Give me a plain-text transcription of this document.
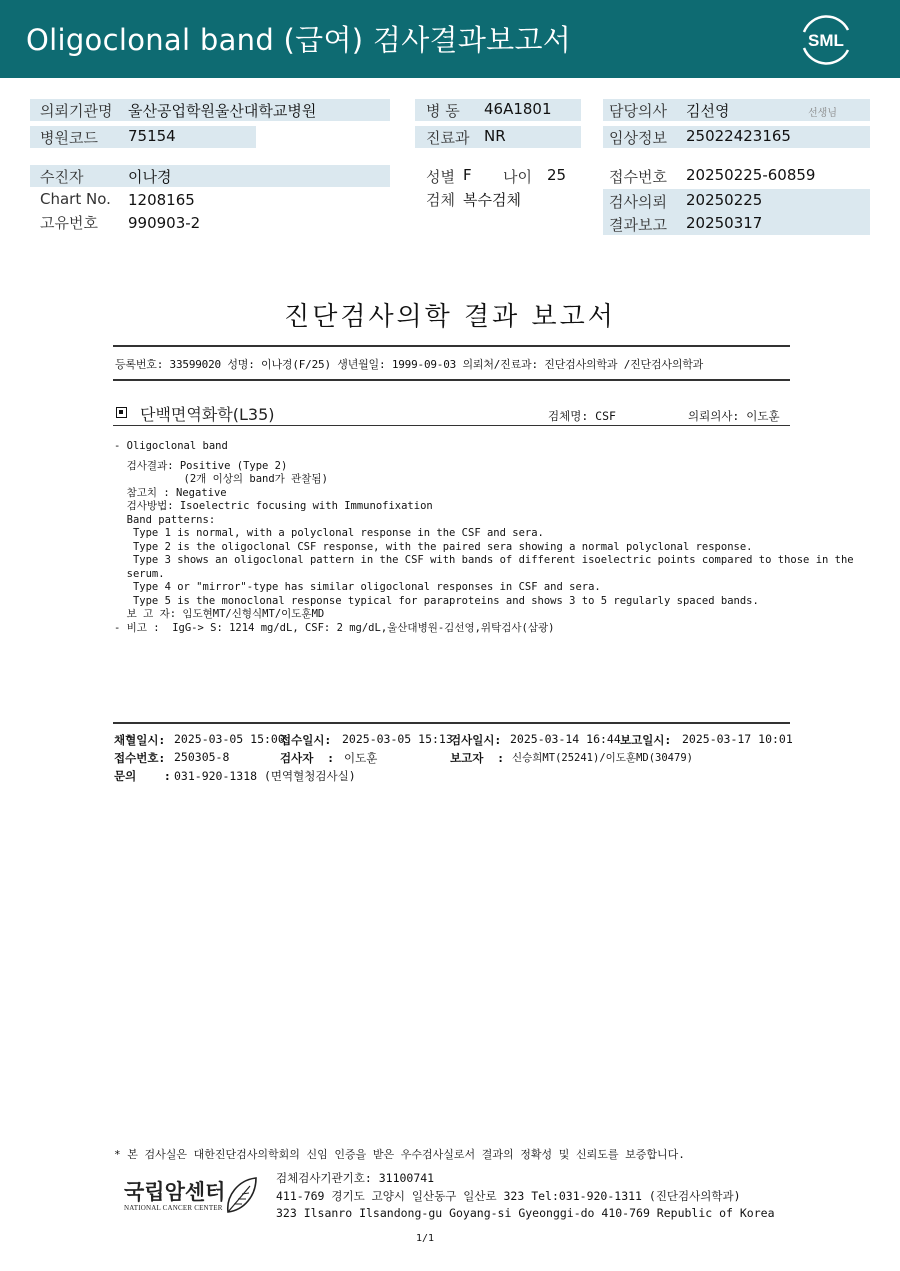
Oligoclonal band (급여) 검사결과보고서	SML
의뢰기관명 울산공업학원울산대학교병원
병원코드 75154
병 동 46A1801
진료과 NR
담당의사 김선영	선생님
임상정보 25022423165
수진자	이나경
Chart No. 1208165
고유번호 990903-2
성별 F 나이 25
검체 복수검체
접수번호 20250225-60859
검사의뢰 20250225
결과보고 20250317
진단검사의학 결과 보고서
등록번호: 33599020 성명: 이나경(F/25) 생년월일: 1999-09-03 의뢰처/진료과: 진단검사의학과 /진단검사의학과
단백면역화학(L35)	검체명: CSF	의뢰의사: 이도훈
- Oligoclonal band
검사결과: Positive (Type 2)
(2개 이상의 band가 관찰됨)
참고치 : Negative
검사방법: Isoelectric focusing with Immunofixation
Band patterns:
Type 1 is normal, with a polyclonal response in the CSF and sera.
Type 2 is the oligoclonal CSF response, with the paired sera showing a normal polyclonal response.
Type 3 shows an oligoclonal pattern in the CSF with bands of different isoelectric points compared to those in the
serum.
Type 4 or "mirror"-type has similar oligoclonal responses in CSF and sera.
Type 5 is the monoclonal response typical for paraproteins and shows 3 to 5 regularly spaced bands.
보 고 자: 임도현MT/신형식MT/이도훈MD
- 비고 :  IgG-> S: 1214 mg/dL, CSF: 2 mg/dL,울산대병원-김선영,위탁검사(삼광)
채혈일시: 2025-03-05 15:00
접수일시: 2025-03-05 15:13
검사일시: 2025-03-14 16:44 보고일시: 2025-03-17 10:01
접수번호: 250305-8	검사자  : 이도훈	보고자  : 신승희MT(25241)/이도훈MD(30479)
문의    : 031-920-1318 (면역혈청검사실)
* 본 검사실은 대한진단검사의학회의 신임 인증을 받은 우수검사실로서 결과의 정확성 및 신뢰도를 보증합니다.
국립암센터
NATIONAL CANCER CENTER
검체검사기관기호: 31100741
411-769 경기도 고양시 일산동구 일산로 323 Tel:031-920-1311 (진단검사의학과)
323 Ilsanro Ilsandong-gu Goyang-si Gyeonggi-do 410-769 Republic of Korea
1/1
